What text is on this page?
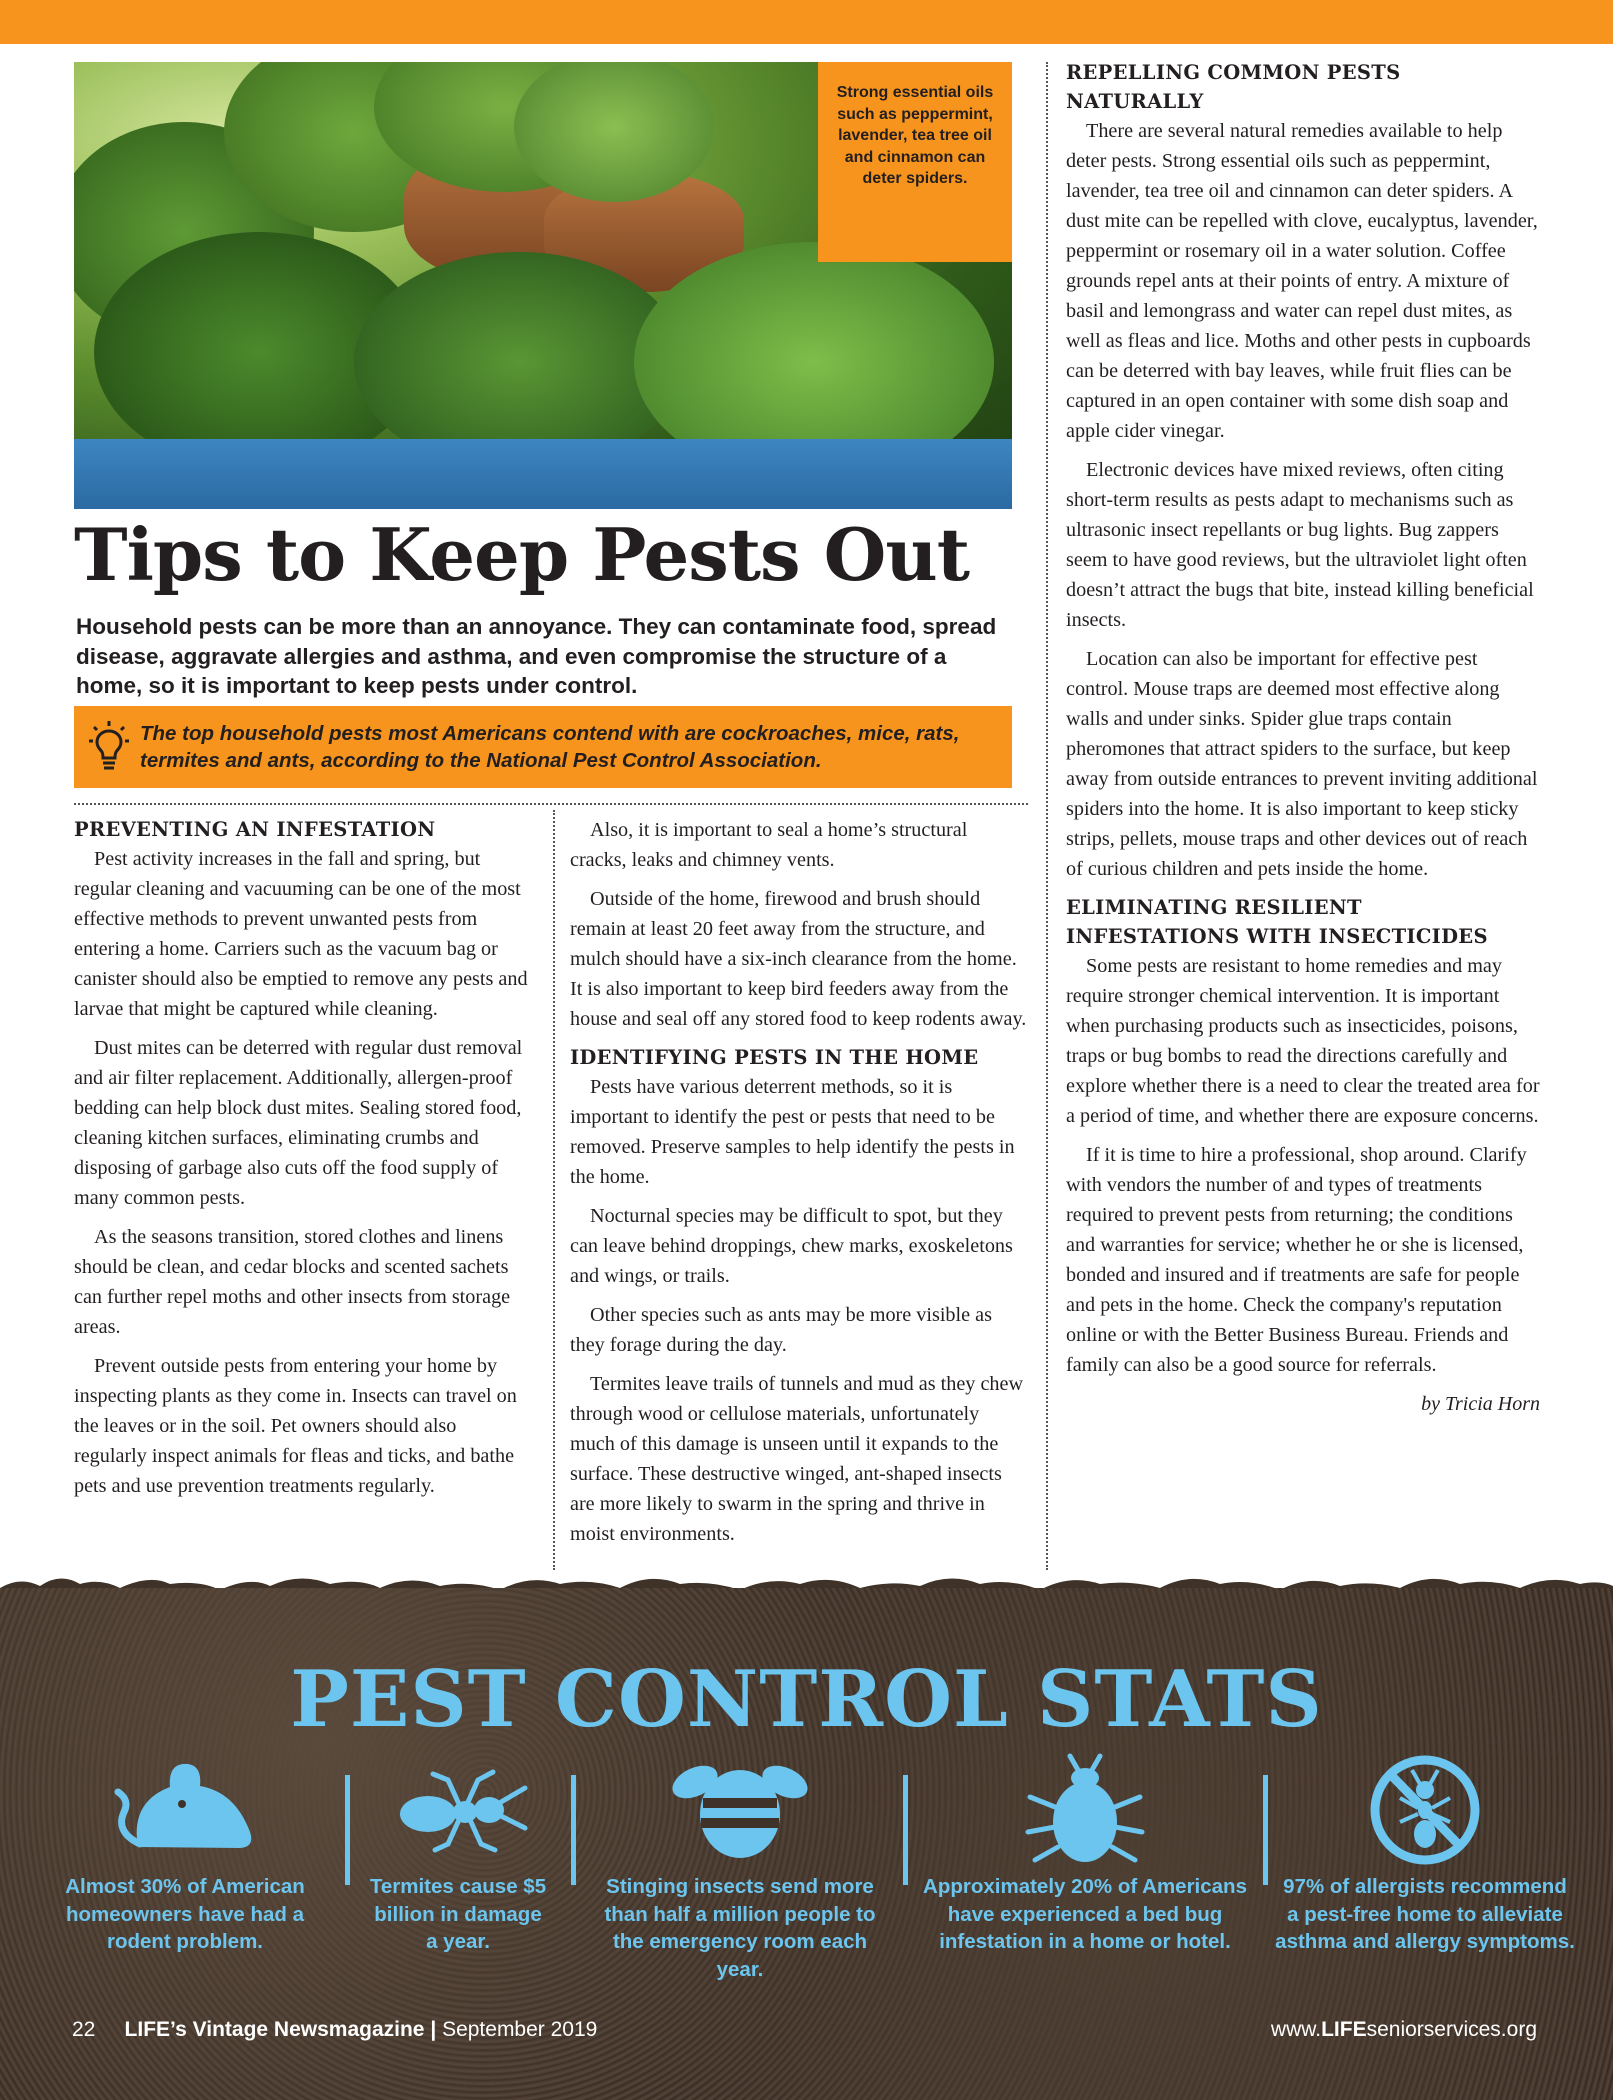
Strong essential oils such as peppermint, lavender, tea tree oil and cinnamon can deter spiders.
Tips to Keep Pests Out
Household pests can be more than an annoyance. They can contaminate food, spread disease, aggravate allergies and asthma, and even compromise the structure of a home, so it is important to keep pests under control.
The top household pests most Americans contend with are cockroaches, mice, rats, termites and ants, according to the National Pest Control Association.
PREVENTING AN INFESTATION

Pest activity increases in the fall and spring, but regular cleaning and vacuuming can be one of the most effective methods to prevent unwanted pests from entering a home. Carriers such as the vacuum bag or canister should also be emptied to remove any pests and larvae that might be captured while cleaning.

Dust mites can be deterred with regular dust removal and air filter replacement. Additionally, allergen-proof bedding can help block dust mites. Sealing stored food, cleaning kitchen surfaces, eliminating crumbs and disposing of garbage also cuts off the food supply of many common pests.

As the seasons transition, stored clothes and linens should be clean, and cedar blocks and scented sachets can further repel moths and other insects from storage areas.

Prevent outside pests from entering your home by inspecting plants as they come in. Insects can travel on the leaves or in the soil. Pet owners should also regularly inspect animals for fleas and ticks, and bathe pets and use prevention treatments regularly.

Also, it is important to seal a home’s structural cracks, leaks and chimney vents.

Outside of the home, firewood and brush should remain at least 20 feet away from the structure, and mulch should have a six-inch clearance from the home. It is also important to keep bird feeders away from the house and seal off any stored food to keep rodents away.

IDENTIFYING PESTS IN THE HOME

Pests have various deterrent methods, so it is important to identify the pest or pests that need to be removed. Preserve samples to help identify the pests in the home.

Nocturnal species may be difficult to spot, but they can leave behind droppings, chew marks, exoskeletons and wings, or trails.

Other species such as ants may be more visible as they forage during the day.

Termites leave trails of tunnels and mud as they chew through wood or cellulose materials, unfortunately much of this damage is unseen until it expands to the surface. These destructive winged, ant-shaped insects are more likely to swarm in the spring and thrive in moist environments.

REPELLING COMMON PESTS NATURALLY

There are several natural remedies available to help deter pests. Strong essential oils such as peppermint, lavender, tea tree oil and cinnamon can deter spiders. A dust mite can be repelled with clove, eucalyptus, lavender, peppermint or rosemary oil in a water solution. Coffee grounds repel ants at their points of entry. A mixture of basil and lemongrass and water can repel dust mites, as well as fleas and lice. Moths and other pests in cupboards can be deterred with bay leaves, while fruit flies can be captured in an open container with some dish soap and apple cider vinegar.

Electronic devices have mixed reviews, often citing short-term results as pests adapt to mechanisms such as ultrasonic insect repellants or bug lights. Bug zappers seem to have good reviews, but the ultraviolet light often doesn’t attract the bugs that bite, instead killing beneficial insects.

Location can also be important for effective pest control. Mouse traps are deemed most effective along walls and under sinks. Spider glue traps contain pheromones that attract spiders to the surface, but keep away from outside entrances to prevent inviting additional spiders into the home. It is also important to keep sticky strips, pellets, mouse traps and other devices out of reach of curious children and pets inside the home.

ELIMINATING RESILIENT INFESTATIONS WITH INSECTICIDES

Some pests are resistant to home remedies and may require stronger chemical intervention. It is important when purchasing products such as insecticides, poisons, traps or bug bombs to read the directions carefully and explore whether there is a need to clear the treated area for a period of time, and whether there are exposure concerns.

If it is time to hire a professional, shop around. Clarify with vendors the number of and types of treatments required to prevent pests from returning; the conditions and warranties for service; whether he or she is licensed, bonded and insured and if treatments are safe for people and pets in the home. Check the company's reputation online or with the Better Business Bureau. Friends and family can also be a good source for referrals.

by Tricia Horn
PEST CONTROL STATS
Almost 30% of American homeowners have had a rodent problem.
Termites cause $5 billion in damage a year.
Stinging insects send more than half a million people to the emergency room each year.
Approximately 20% of Americans have experienced a bed bug infestation in a home or hotel.
97% of allergists recommend a pest-free home to alleviate asthma and allergy symptoms.
22 LIFE’s Vintage Newsmagazine | September 2019	www.LIFEseniorservices.org
